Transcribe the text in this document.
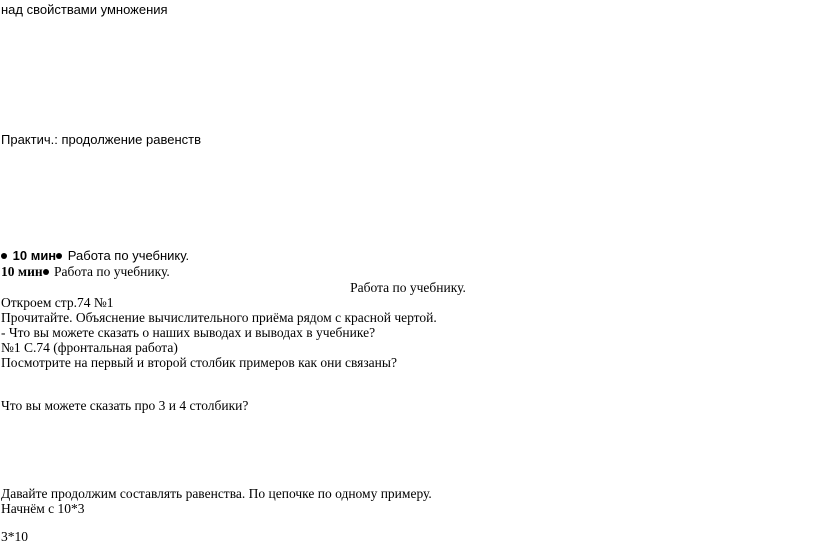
над свойствами умножения
Практич.: продолжение равенств
10 мин Работа по учебнику.
10 мин Работа по учебнику.
Работа по учебнику.
Откроем стр.74 №1
Прочитайте. Объяснение вычислительного приёма рядом с красной чертой.
- Что вы можете сказать о наших выводах и выводах в учебнике?
№1 С.74 (фронтальная работа)
Посмотрите на первый и второй столбик примеров как они связаны?
Что вы можете сказать про 3 и 4 столбики?
Давайте продолжим составлять равенства. По цепочке по одному примеру.
Начнём с 10*3
3*10
